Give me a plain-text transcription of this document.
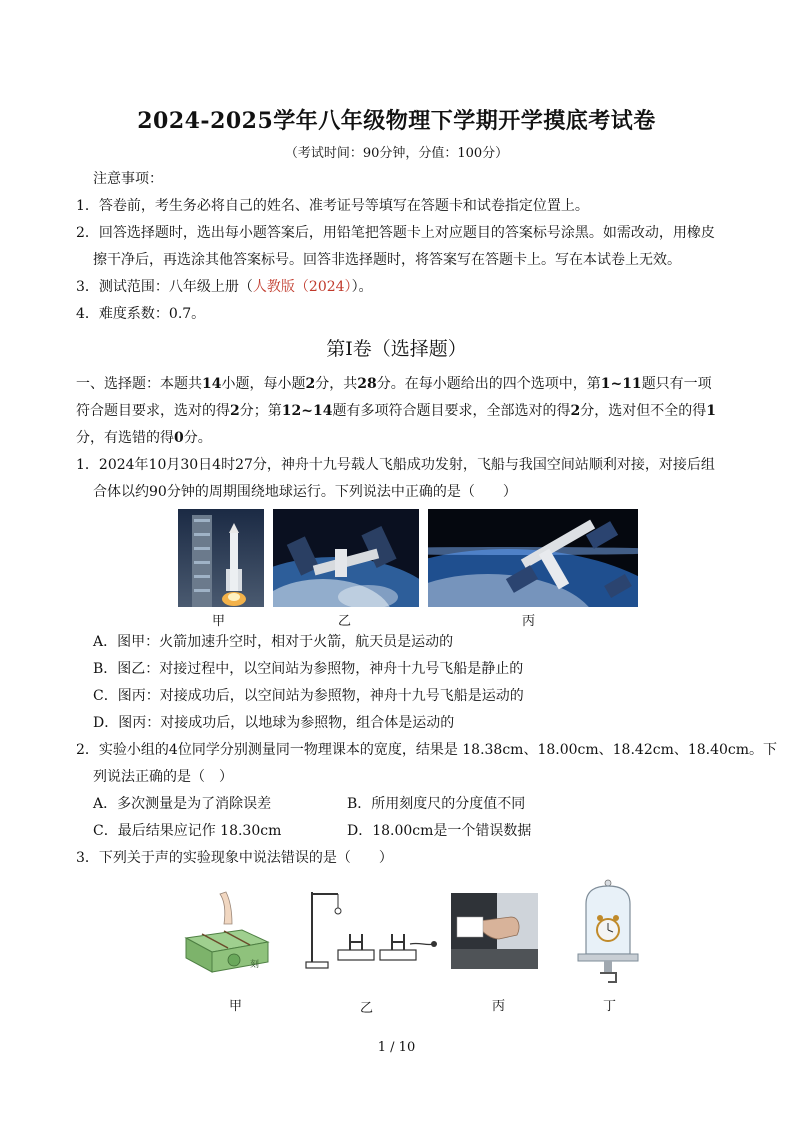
2024-2025学年八年级物理下学期开学摸底考试卷
（考试时间：90分钟，分值：100分）
注意事项：
1．答卷前，考生务必将自己的姓名、准考证号等填写在答题卡和试卷指定位置上。
2．回答选择题时，选出每小题答案后，用铅笔把答题卡上对应题目的答案标号涂黑。如需改动，用橡皮
擦干净后，再选涂其他答案标号。回答非选择题时，将答案写在答题卡上。写在本试卷上无效。
3．测试范围：八年级上册（人教版（2024））。
4．难度系数：0.7。
第Ⅰ卷（选择题）
一、选择题：本题共14小题，每小题2分，共28分。在每小题给出的四个选项中，第1~11题只有一项
符合题目要求，选对的得2分；第12~14题有多项符合题目要求，全部选对的得2分，选对但不全的得1
分，有选错的得0分。
1．2024年10月30日4时27分，神舟十九号载人飞船成功发射，飞船与我国空间站顺利对接，对接后组
合体以约90分钟的周期围绕地球运行。下列说法中正确的是（　　）
甲	乙	丙
A．图甲：火箭加速升空时，相对于火箭，航天员是运动的
B．图乙：对接过程中，以空间站为参照物，神舟十九号飞船是静止的
C．图丙：对接成功后，以空间站为参照物，神舟十九号飞船是运动的
D．图丙：对接成功后，以地球为参照物，组合体是运动的
2．实验小组的4位同学分别测量同一物理课本的宽度，结果是 18.38cm、18.00cm、18.42cm、18.40cm。下
列说法正确的是（　）
A．多次测量是为了消除误差	B．所用刻度尺的分度值不同
C．最后结果应记作 18.30cm	D．18.00cm是一个错误数据
3．下列关于声的实验现象中说法错误的是（　　）
刻
甲	乙	丙	丁
1 / 10
